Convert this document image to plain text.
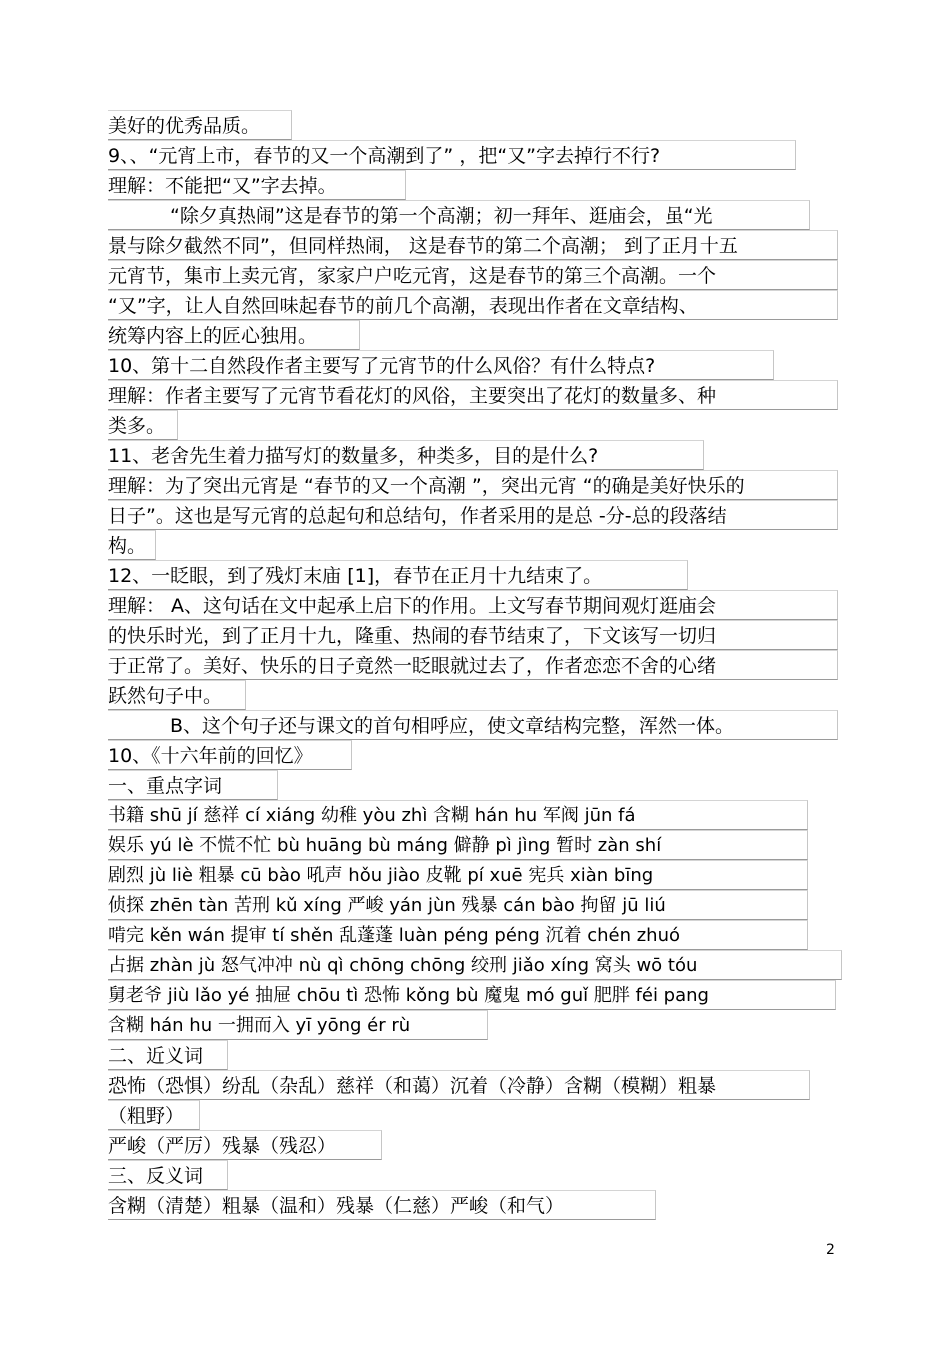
美好的优秀品质。
9、、“元宵上市，春节的又一个高潮到了” ，把“又”字去掉行不行?
理解：不能把“又”字去掉。
“除夕真热闹”这是春节的第一个高潮；初一拜年、逛庙会，虽“光
景与除夕截然不同”，但同样热闹， 这是春节的第二个高潮； 到了正月十五
元宵节，集市上卖元宵，家家户户吃元宵，这是春节的第三个高潮。一个
“又”字，让人自然回味起春节的前几个高潮，表现出作者在文章结构、
统筹内容上的匠心独用。
10、第十二自然段作者主要写了元宵节的什么风俗？有什么特点?
理解：作者主要写了元宵节看花灯的风俗，主要突出了花灯的数量多、种
类多。
11、老舍先生着力描写灯的数量多，种类多，目的是什么?
理解：为了突出元宵是 “春节的又一个高潮 ”，突出元宵 “的确是美好快乐的
日子”。这也是写元宵的总起句和总结句，作者采用的是总 -分-总的段落结
构。
12、一眨眼，到了残灯末庙 [1]，春节在正月十九结束了。
理解： A、这句话在文中起承上启下的作用。上文写春节期间观灯逛庙会
的快乐时光，到了正月十九，隆重、热闹的春节结束了，下文该写一切归
于正常了。美好、快乐的日子竟然一眨眼就过去了，作者恋恋不舍的心绪
跃然句子中。
B、这个句子还与课文的首句相呼应，使文章结构完整，浑然一体。
10、《十六年前的回忆》
一、重点字词
书籍 shū jí 慈祥 cí xiáng 幼稚 yòu zhì 含糊 hán hu 军阀 jūn fá
娱乐 yú lè 不慌不忙 bù huāng bù máng 僻静 pì jìng 暂时 zàn shí
剧烈 jù liè 粗暴 cū bào 吼声 hǒu jiào 皮靴 pí xuē 宪兵 xiàn bīng
侦探 zhēn tàn 苦刑 kǔ xíng 严峻 yán jùn 残暴 cán bào 拘留 jū liú
啃完 kěn wán 提审 tí shěn 乱蓬蓬 luàn péng péng 沉着 chén zhuó
占据 zhàn jù 怒气冲冲 nù qì chōng chōng 绞刑 jiǎo xíng 窝头 wō tóu
舅老爷 jiù lǎo yé 抽屉 chōu tì 恐怖 kǒng bù 魔鬼 mó guǐ 肥胖 féi pang
含糊 hán hu 一拥而入 yī yōng ér rù
二、近义词
恐怖（恐惧）纷乱（杂乱）慈祥（和蔼）沉着（冷静）含糊（模糊）粗暴
（粗野）
严峻（严厉）残暴（残忍）
三、反义词
含糊（清楚）粗暴（温和）残暴（仁慈）严峻（和气）
2
